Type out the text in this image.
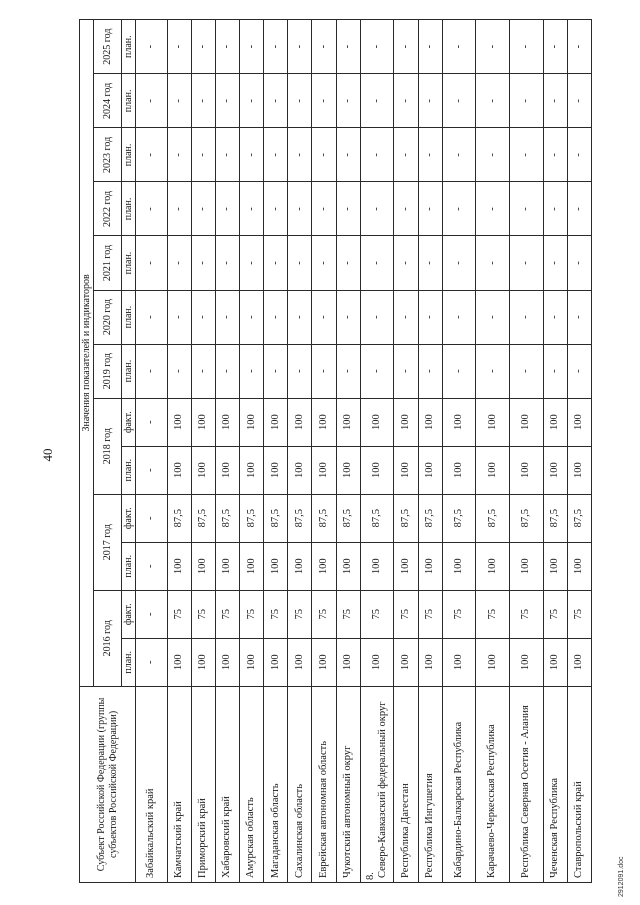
40
Субъект Российской Федерации (группы субъектов Российской Федерации)	Значения показателей и индикаторов												
	2016 год		2017 год		2018 год		2019 год	2020 год	2021 год	2022 год	2023 год	2024 год	2025 год
	план.	факт.	план.	факт.	план.	факт.	план.	план.	план.	план.	план.	план.	план.
Забайкальский край	-	-	-	-	-	-	-	-	-	-	-	-	-
Камчатский край	100	75	100	87,5	100	100	-	-	-	-	-	-	-
Приморский край	100	75	100	87,5	100	100	-	-	-	-	-	-	-
Хабаровский край	100	75	100	87,5	100	100	-	-	-	-	-	-	-
Амурская область	100	75	100	87,5	100	100	-	-	-	-	-	-	-
Магаданская область	100	75	100	87,5	100	100	-	-	-	-	-	-	-
Сахалинская область	100	75	100	87,5	100	100	-	-	-	-	-	-	-
Еврейская автономная область	100	75	100	87,5	100	100	-	-	-	-	-	-	-
Чукотский автономный округ	100	75	100	87,5	100	100	-	-	-	-	-	-	-
8.Северо-Кавказский федеральный округ	100	75	100	87,5	100	100	-	-	-	-	-	-	-
Республика Дагестан	100	75	100	87,5	100	100	-	-	-	-	-	-	-
Республика Ингушетия	100	75	100	87,5	100	100	-	-	-	-	-	-	-
Кабардино-Балкарская Республика	100	75	100	87,5	100	100	-	-	-	-	-	-	-
Карачаево-Черкесская Республика	100	75	100	87,5	100	100	-	-	-	-	-	-	-
Республика Северная Осетия - Алания	100	75	100	87,5	100	100	-	-	-	-	-	-	-
Чеченская Республика	100	75	100	87,5	100	100	-	-	-	-	-	-	-
Ставропольский край	100	75	100	87,5	100	100	-	-	-	-	-	-	-
2912091.doc
